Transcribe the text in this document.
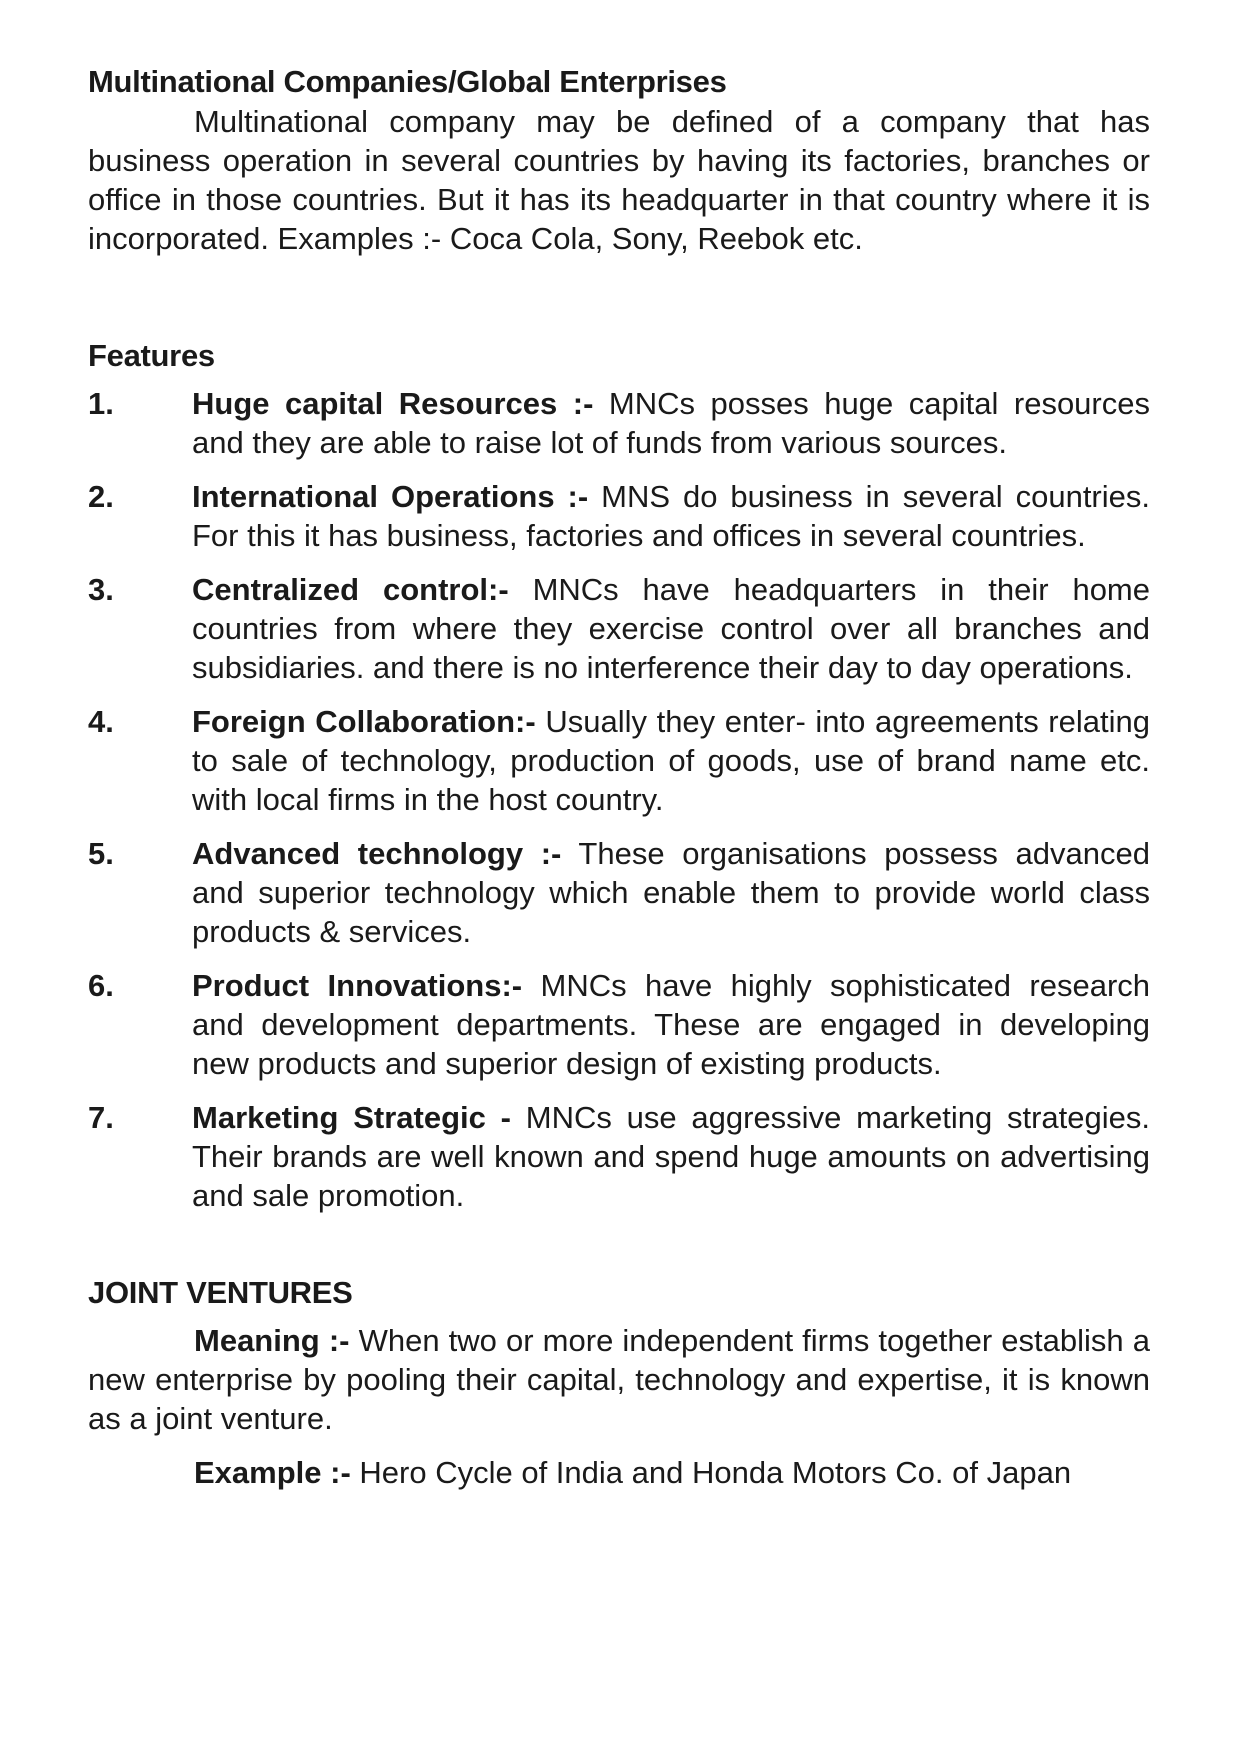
Multinational Companies/Global Enterprises

Multinational company may be defined of a company that has business operation in several countries by having its factories, branches or office in those countries. But it has its headquarter in that country where it is incorporated. Examples :- Coca Cola, Sony, Reebok etc.

Features
1.	Huge capital Resources :- MNCs posses huge capital resources and they are able to raise lot of funds from various sources.
2.	International Operations :- MNS do business in several countries. For this it has business, factories and offices in several countries.
3.	Centralized control:- MNCs have headquarters in their home countries from where they exercise control over all branches and subsidiaries. and there is no interference their day to day operations.
4.	Foreign Collaboration:- Usually they enter- into agreements relating to sale of technology, production of goods, use of brand name etc. with local firms in the host country.
5.	Advanced technology :- These organisations possess advanced and superior technology which enable them to provide world class products & services.
6.	Product Innovations:- MNCs have highly sophisticated research and development departments. These are engaged in developing new products and superior design of existing products.
7.	Marketing Strategic - MNCs use aggressive marketing strategies. Their brands are well known and spend huge amounts on advertising and sale promotion.
JOINT VENTURES

Meaning :- When two or more independent firms together establish a new enterprise by pooling their capital, technology and expertise, it is known as a joint venture.

Example :- Hero Cycle of India and Honda Motors Co. of Japan
